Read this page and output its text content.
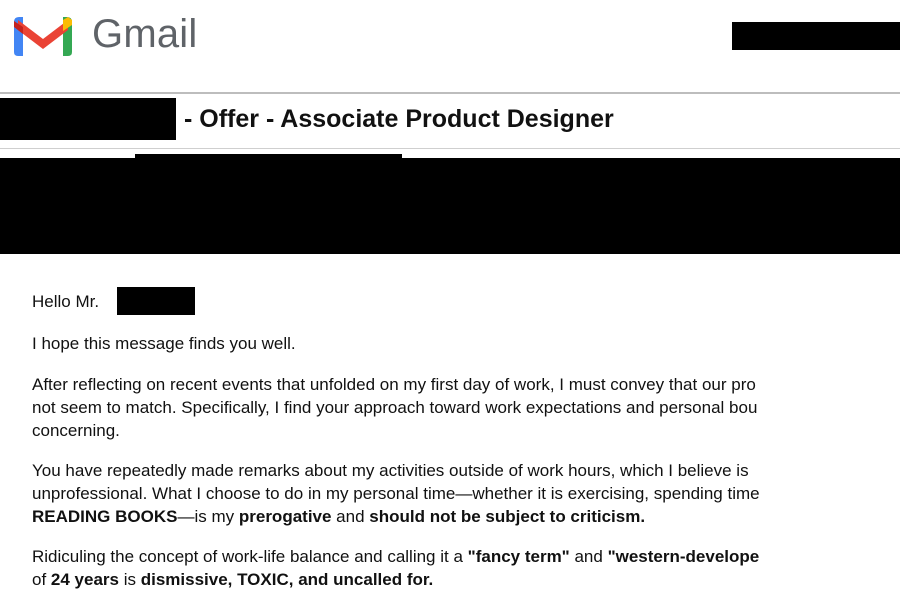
Gmail
- Offer - Associate Product Designer
Hello Mr.
I hope this message finds you well.
After reflecting on recent events that unfolded on my first day of work, I must convey that our pro
not seem to match. Specifically, I find your approach toward work expectations and personal bou
concerning.
You have repeatedly made remarks about my activities outside of work hours, which I believe is
unprofessional. What I choose to do in my personal time—whether it is exercising, spending time
READING BOOKS—is my prerogative and should not be subject to criticism.
Ridiculing the concept of work-life balance and calling it a "fancy term" and "western-develope
of 24 years is dismissive, TOXIC, and uncalled for.
